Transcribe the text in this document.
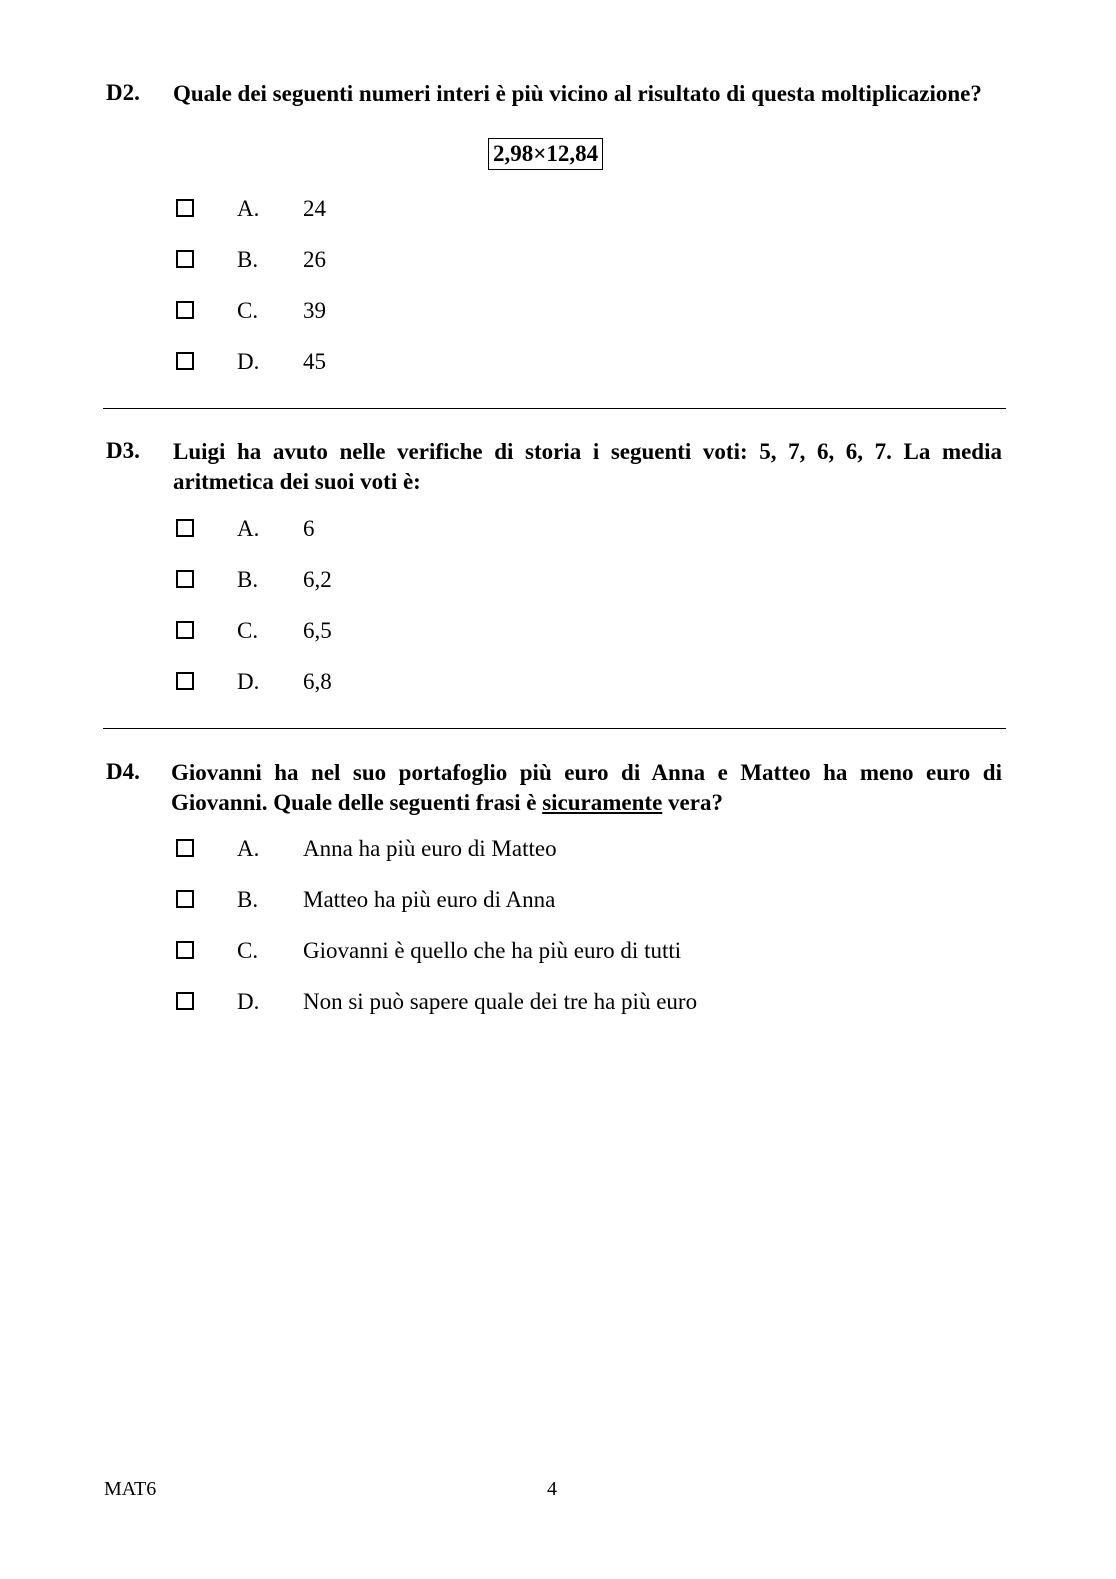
D2. Quale dei seguenti numeri interi è più vicino al risultato di questa moltiplicazione?
2,98×12,84
A. 24
B. 26
C. 39
D. 45
D3. Luigi ha avuto nelle verifiche di storia i seguenti voti: 5, 7, 6, 6, 7. La media aritmetica dei suoi voti è:
A. 6
B. 6,2
C. 6,5
D. 6,8
D4. Giovanni ha nel suo portafoglio più euro di Anna e Matteo ha meno euro di Giovanni. Quale delle seguenti frasi è sicuramente vera?
A. Anna ha più euro di Matteo
B. Matteo ha più euro di Anna
C. Giovanni è quello che ha più euro di tutti
D. Non si può sapere quale dei tre ha più euro
MAT6	4
